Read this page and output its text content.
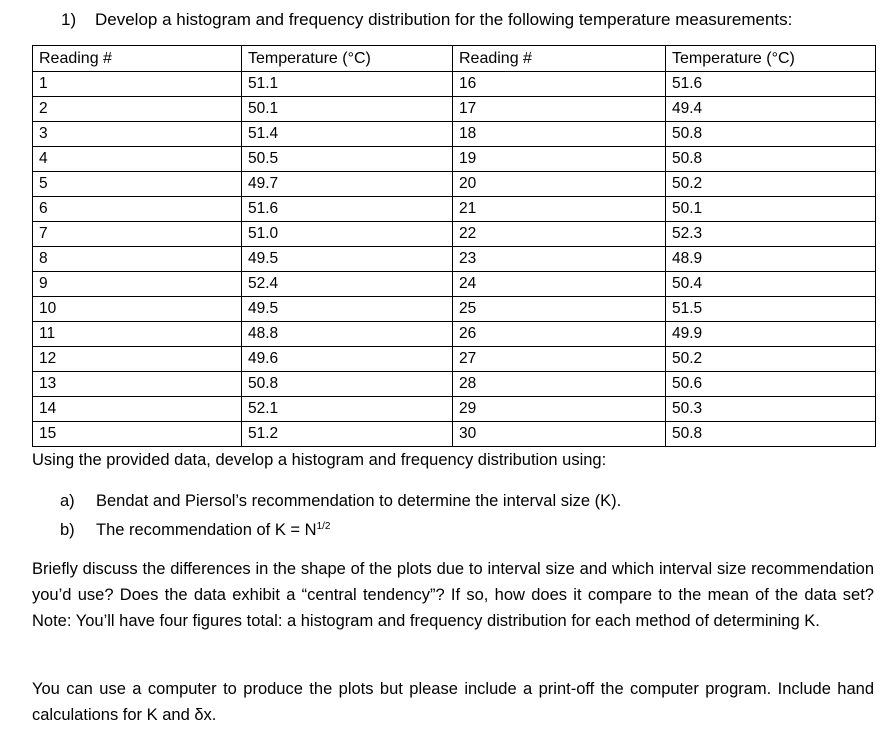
1) Develop a histogram and frequency distribution for the following temperature measurements:
Reading #	Temperature (°C)	Reading #	Temperature (°C)
1	51.1	16	51.6
2	50.1	17	49.4
3	51.4	18	50.8
4	50.5	19	50.8
5	49.7	20	50.2
6	51.6	21	50.1
7	51.0	22	52.3
8	49.5	23	48.9
9	52.4	24	50.4
10	49.5	25	51.5
11	48.8	26	49.9
12	49.6	27	50.2
13	50.8	28	50.6
14	52.1	29	50.3
15	51.2	30	50.8
Using the provided data, develop a histogram and frequency distribution using:
a) Bendat and Piersol’s recommendation to determine the interval size (K).
b) The recommendation of $K = N^{1/2}$

Briefly discuss the differences in the shape of the plots due to interval size and which interval size recommendation you’d use? Does the data exhibit a “central tendency”? If so, how does it compare to the mean of the data set? Note: You’ll have four figures total: a histogram and frequency distribution for each method of determining K.

You can use a computer to produce the plots but please include a print-off the computer program. Include hand calculations for K and δx.
